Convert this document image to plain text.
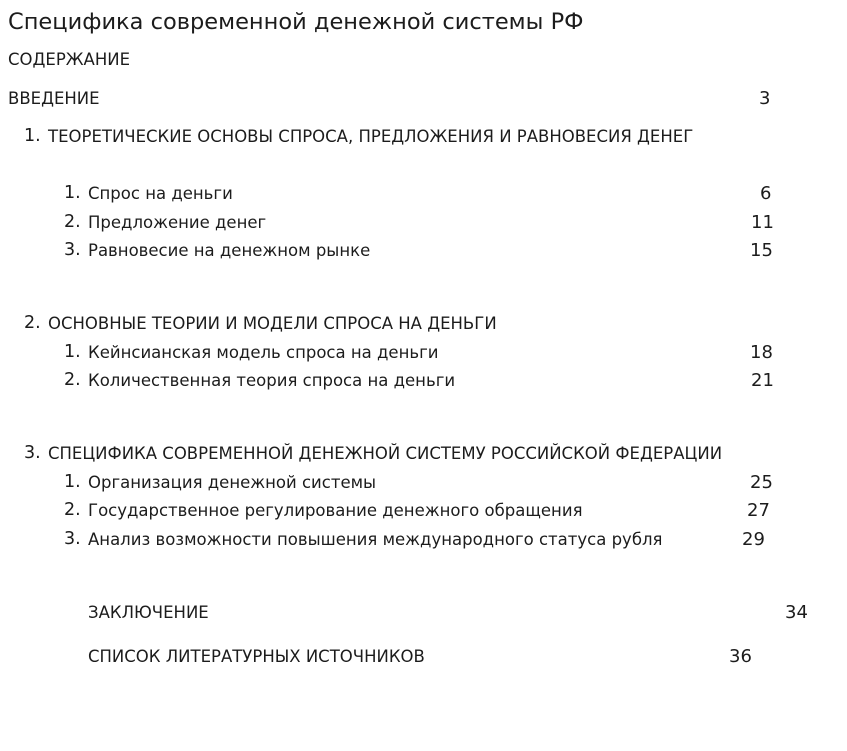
Специфика современной денежной системы РФ
СОДЕРЖАНИЕ
ВВЕДЕНИЕ	3
1. ТЕОРЕТИЧЕСКИЕ ОСНОВЫ СПРОСА, ПРЕДЛОЖЕНИЯ И РАВНОВЕСИЯ ДЕНЕГ
1. Спрос на деньги	6
2. Предложение денег	11
3. Равновесие на денежном рынке	15
2. ОСНОВНЫЕ ТЕОРИИ И МОДЕЛИ СПРОСА НА ДЕНЬГИ
1. Кейнсианская модель спроса на деньги	18
2. Количественная теория спроса на деньги	21
3. СПЕЦИФИКА СОВРЕМЕННОЙ ДЕНЕЖНОЙ СИСТЕМУ РОССИЙСКОЙ ФЕДЕРАЦИИ
1. Организация денежной системы	25
2. Государственное регулирование денежного обращения	27
3. Анализ возможности повышения международного статуса рубля	29
ЗАКЛЮЧЕНИЕ	34
СПИСОК ЛИТЕРАТУРНЫХ ИСТОЧНИКОВ	36
